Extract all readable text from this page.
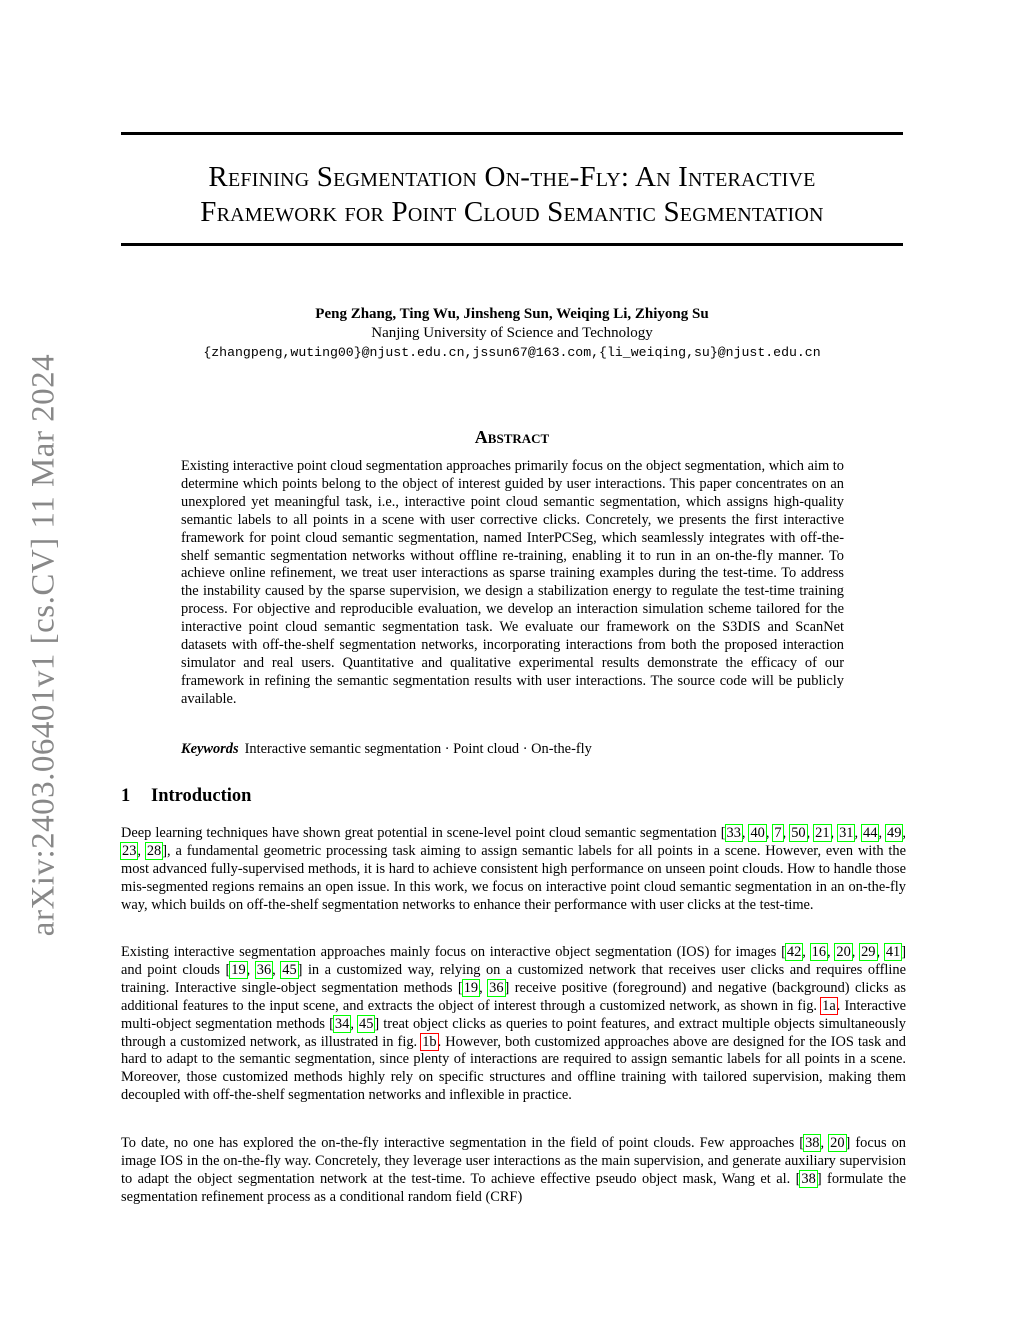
Refining Segmentation On-the-Fly: An Interactive
Framework for Point Cloud Semantic Segmentation
arXiv:2403.06401v1 [cs.CV] 11 Mar 2024
Peng Zhang, Ting Wu, Jinsheng Sun, Weiqing Li, Zhiyong Su
Nanjing University of Science and Technology
{zhangpeng,wuting00}@njust.edu.cn,jssun67@163.com,{li_weiqing,su}@njust.edu.cn
Abstract
Existing interactive point cloud segmentation approaches primarily focus on the object segmentation, which aim to determine which points belong to the object of interest guided by user interactions. This paper concentrates on an unexplored yet meaningful task, i.e., interactive point cloud semantic segmentation, which assigns high-quality semantic labels to all points in a scene with user corrective clicks. Concretely, we presents the first interactive framework for point cloud semantic segmentation, named InterPCSeg, which seamlessly integrates with off-the-shelf semantic segmentation networks without offline re-training, enabling it to run in an on-the-fly manner. To achieve online refinement, we treat user interactions as sparse training examples during the test-time. To address the instability caused by the sparse supervision, we design a stabilization energy to regulate the test-time training process. For objective and reproducible evaluation, we develop an interaction simulation scheme tailored for the interactive point cloud semantic segmentation task. We evaluate our framework on the S3DIS and ScanNet datasets with off-the-shelf segmentation networks, incorporating interactions from both the proposed interaction simulator and real users. Quantitative and qualitative experimental results demonstrate the efficacy of our framework in refining the semantic segmentation results with user interactions. The source code will be publicly available.
Keywords Interactive semantic segmentation · Point cloud · On-the-fly
1 Introduction
Deep learning techniques have shown great potential in scene-level point cloud semantic segmentation [33, 40, 7, 50, 21, 31, 44, 49, 23, 28], a fundamental geometric processing task aiming to assign semantic labels for all points in a scene. However, even with the most advanced fully-supervised methods, it is hard to achieve consistent high performance on unseen point clouds. How to handle those mis-segmented regions remains an open issue. In this work, we focus on interactive point cloud semantic segmentation in an on-the-fly way, which builds on off-the-shelf segmentation networks to enhance their performance with user clicks at the test-time.
Existing interactive segmentation approaches mainly focus on interactive object segmentation (IOS) for images [42, 16, 20, 29, 41] and point clouds [19, 36, 45] in a customized way, relying on a customized network that receives user clicks and requires offline training. Interactive single-object segmentation methods [19, 36] receive positive (foreground) and negative (background) clicks as additional features to the input scene, and extracts the object of interest through a customized network, as shown in fig. 1a. Interactive multi-object segmentation methods [34, 45] treat object clicks as queries to point features, and extract multiple objects simultaneously through a customized network, as illustrated in fig. 1b. However, both customized approaches above are designed for the IOS task and hard to adapt to the semantic segmentation, since plenty of interactions are required to assign semantic labels for all points in a scene. Moreover, those customized methods highly rely on specific structures and offline training with tailored supervision, making them decoupled with off-the-shelf segmentation networks and inflexible in practice.
To date, no one has explored the on-the-fly interactive segmentation in the field of point clouds. Few approaches [38, 20] focus on image IOS in the on-the-fly way. Concretely, they leverage user interactions as the main supervision, and generate auxiliary supervision to adapt the object segmentation network at the test-time. To achieve effective pseudo object mask, Wang et al. [38] formulate the segmentation refinement process as a conditional random field (CRF)
